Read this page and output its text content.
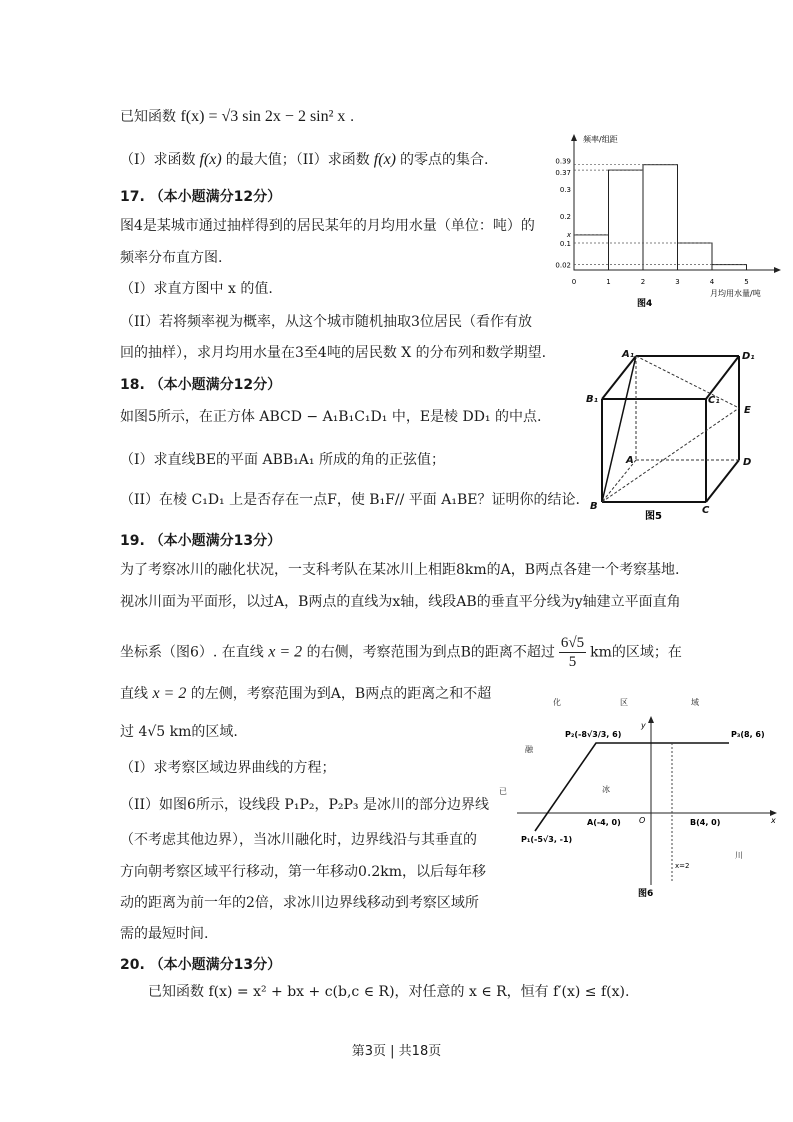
已知函数 f(x) = √3 sin 2x − 2 sin² x .
（I）求函数 f(x) 的最大值；（II）求函数 f(x) 的零点的集合.
17. （本小题满分12分）
图4是某城市通过抽样得到的居民某年的月均用水量（单位：吨）的
频率分布直方图.
（I）求直方图中 x 的值.
（II）若将频率视为概率，从这个城市随机抽取3位居民（看作有放
回的抽样），求月均用水量在3至4吨的居民数 X 的分布列和数学期望.
频率/组距
0.39
0.37
0.3
0.2
x
0.1
0.02
0	1	2	3	4	5
月均用水量/吨
图4
18. （本小题满分12分）
如图5所示，在正方体 ABCD − A₁B₁C₁D₁ 中，E是棱 DD₁ 的中点.
（I）求直线BE的平面 ABB₁A₁ 所成的角的正弦值；
（II）在棱 C₁D₁ 上是否存在一点F，使 B₁F// 平面 A₁BE？证明你的结论.
A₁	D₁
B₁	C₁
E
A	D
B	C
图5
19. （本小题满分13分）
为了考察冰川的融化状况，一支科考队在某冰川上相距8km的A，B两点各建一个考察基地.
视冰川面为平面形，以过A，B两点的直线为x轴，线段AB的垂直平分线为y轴建立平面直角
坐标系（图6）. 在直线 x = 2 的右侧，考察范围为到点B的距离不超过 $\frac{6√5}{5}$ km的区域；在
直线 x = 2 的左侧，考察范围为到A，B两点的距离之和不超
过 4√5 km的区域.
（I）求考察区域边界曲线的方程；
（II）如图6所示，设线段 P₁P₂，P₂P₃ 是冰川的部分边界线
（不考虑其他边界），当冰川融化时，边界线沿与其垂直的
方向朝考察区域平行移动，第一年移动0.2km，以后每年移
动的距离为前一年的2倍，求冰川边界线移动到考察区域所
需的最短时间.
化	区	域
融
已	冰
川
x
y
x=2
P₂(-8√3/3, 6)	P₃(8, 6)
P₁(-5√3, -1)
A(-4, 0)	B(4, 0)
O
图6
20. （本小题满分13分）
已知函数 f(x) = x² + bx + c(b,c ∈ R)，对任意的 x ∈ R，恒有 f′(x) ≤ f(x).
第3页 | 共18页
